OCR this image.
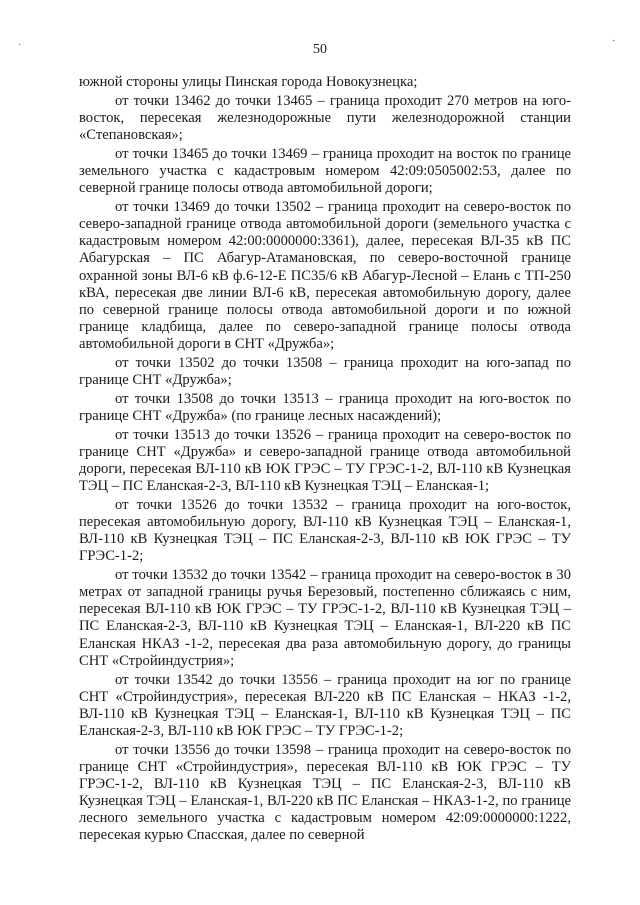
·	·
50

южной стороны улицы Пинская города Новокузнецка;

от точки 13462 до точки 13465 – граница проходит 270 метров на юго-восток, пересекая железнодорожные пути железнодорожной станции «Степановская»;

от точки 13465 до точки 13469 – граница проходит на восток по границе земельного участка с кадастровым номером 42:09:0505002:53, далее по северной границе полосы отвода автомобильной дороги;

от точки 13469 до точки 13502 – граница проходит на северо-восток по северо-западной границе отвода автомобильной дороги (земельного участка с кадастровым номером 42:00:0000000:3361), далее, пересекая ВЛ-35 кВ ПС Абагурская – ПС Абагур-Атамановская, по северо-восточной границе охранной зоны ВЛ-6 кВ ф.6-12-Е ПС35/6 кВ Абагур-Лесной – Елань с ТП-250 кВА, пересекая две линии ВЛ-6 кВ, пересекая автомобильную дорогу, далее по северной границе полосы отвода автомобильной дороги и по южной границе кладбища, далее по северо-западной границе полосы отвода автомобильной дороги в СНТ «Дружба»;

от точки 13502 до точки 13508 – граница проходит на юго-запад по границе СНТ «Дружба»;

от точки 13508 до точки 13513 – граница проходит на юго-восток по границе СНТ «Дружба» (по границе лесных насаждений);

от точки 13513 до точки 13526 – граница проходит на северо-восток по границе СНТ «Дружба» и северо-западной границе отвода автомобильной дороги, пересекая ВЛ-110 кВ ЮК ГРЭС – ТУ ГРЭС-1-2, ВЛ-110 кВ Кузнецкая ТЭЦ – ПС Еланская-2-3, ВЛ-110 кВ Кузнецкая ТЭЦ – Еланская-1;

от точки 13526 до точки 13532 – граница проходит на юго-восток, пересекая автомобильную дорогу, ВЛ-110 кВ Кузнецкая ТЭЦ – Еланская-1, ВЛ-110 кВ Кузнецкая ТЭЦ – ПС Еланская-2-3, ВЛ-110 кВ ЮК ГРЭС – ТУ ГРЭС-1-2;

от точки 13532 до точки 13542 – граница проходит на северо-восток в 30 метрах от западной границы ручья Березовый, постепенно сближаясь с ним, пересекая ВЛ-110 кВ ЮК ГРЭС – ТУ ГРЭС-1-2, ВЛ-110 кВ Кузнецкая ТЭЦ – ПС Еланская-2-3, ВЛ-110 кВ Кузнецкая ТЭЦ – Еланская-1, ВЛ-220 кВ ПС Еланская НКАЗ -1-2, пересекая два раза автомобильную дорогу, до границы СНТ «Стройиндустрия»;

от точки 13542 до точки 13556 – граница проходит на юг по границе СНТ «Стройиндустрия», пересекая ВЛ-220 кВ ПС Еланская – НКАЗ -1-2, ВЛ-110 кВ Кузнецкая ТЭЦ – Еланская-1, ВЛ-110 кВ Кузнецкая ТЭЦ – ПС Еланская-2-3, ВЛ-110 кВ ЮК ГРЭС – ТУ ГРЭС-1-2;

от точки 13556 до точки 13598 – граница проходит на северо-восток по границе СНТ «Стройиндустрия», пересекая ВЛ-110 кВ ЮК ГРЭС – ТУ ГРЭС-1-2, ВЛ-110 кВ Кузнецкая ТЭЦ – ПС Еланская-2-3, ВЛ-110 кВ Кузнецкая ТЭЦ – Еланская-1, ВЛ-220 кВ ПС Еланская – НКАЗ-1-2, по границе лесного земельного участка с кадастровым номером 42:09:0000000:1222, пересекая курью Спасская, далее по северной
